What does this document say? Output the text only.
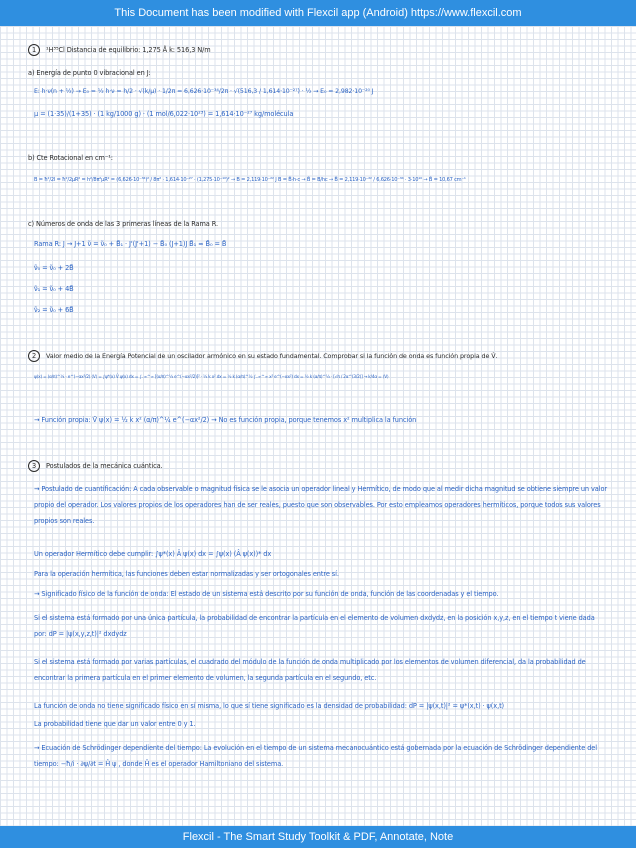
This Document has been modified with Flexcil app (Android) https://www.flexcil.com
1 ¹H³⁵Cl Distancia de equilibrio: 1,275 Å k: 516,3 N/m
a) Energía de punto 0 vibracional en J:
E: h·ν(n + ½) → E₀ = ½ h·ν = h/2 · √(k/μ) · 1/2π = 6,626·10⁻³⁴/2π · √(516,3 / 1,614·10⁻²⁷) · ½ → E₀ = 2,982·10⁻²⁰ J
μ = (1·35)/(1+35) · (1 kg/1000 g) · (1 mol/6,022·10²³) = 1,614·10⁻²⁷ kg/molécula
b) Cte Rotacional en cm⁻¹:
B = ħ²/2I = ħ²/2μR² = h²/8π²μR² = (6,626·10⁻³⁴)² / 8π² · 1,614·10⁻²⁷ · (1,275·10⁻¹⁰)² → B = 2,119·10⁻²² J B = B̃·h·c → B̃ = B/hc → B̃ = 2,119·10⁻²² / 6,626·10⁻³⁴ · 3·10¹⁰ → B̃ = 10,67 cm⁻¹
c) Números de onda de las 3 primeras líneas de la Rama R.
Rama R: J → J+1 ν̃ = ν̃₀ + B̃₁ · J'(J'+1) − B̃₀ (J+1)J B̃₁ ≈ B̃₀ = B̃
ν̃₀ = ν̃₀ + 2B̃
ν̃₁ = ν̃₀ + 4B̃
ν̃₂ = ν̃₀ + 6B̃
2 Valor medio de la Energía Potencial de un oscilador armónico en su estado fundamental. Comprobar si la función de onda es función propia de V̂.
ψ(x) = (α/π)^¼ · e^(−αx²/2) ⟨V⟩ = ∫ψ*(x) V̂ ψ(x) dx = ∫₋∞^∞ [(α/π)^¼ e^(−αx²/2)]² · ½ k x² dx = ½ k (α/π)^½ ∫₋∞^∞ x² e^(−αx²) dx = ½ k (α/π)^½ · [√π / 2α^(3/2)] → k/4α = ⟨V⟩
→ Función propia: V̂ ψ(x) = ½ k x² (α/π)^¼ e^(−αx²/2) → No es función propia, porque tenemos x² multiplica la función
3 Postulados de la mecánica cuántica.
→ Postulado de cuantificación: A cada observable o magnitud física se le asocia un operador lineal y Hermítico, de modo que al medir dicha magnitud se obtiene siempre un valor propio del operador. Los valores propios de los operadores han de ser reales, puesto que son observables. Por esto empleamos operadores hermíticos, porque todos sus valores propios son reales.
Un operador Hermítico debe cumplir: ∫ψ*(x) Â ψ(x) dx = ∫ψ(x) (Â ψ(x))* dx
Para la operación hermítica, las funciones deben estar normalizadas y ser ortogonales entre sí.
→ Significado físico de la función de onda: El estado de un sistema está descrito por su función de onda, función de las coordenadas y el tiempo.
Si el sistema está formado por una única partícula, la probabilidad de encontrar la partícula en el elemento de volumen dxdydz, en la posición x,y,z, en el tiempo t viene dada por: dP = |ψ(x,y,z,t)|² dxdydz
Si el sistema está formado por varias partículas, el cuadrado del módulo de la función de onda multiplicado por los elementos de volumen diferencial, da la probabilidad de encontrar la primera partícula en el primer elemento de volumen, la segunda partícula en el segundo, etc.
La función de onda no tiene significado físico en sí misma, lo que sí tiene significado es la densidad de probabilidad: dP = |ψ(x,t)|² = ψ*(x,t) · ψ(x,t)
La probabilidad tiene que dar un valor entre 0 y 1.
→ Ecuación de Schrödinger dependiente del tiempo: La evolución en el tiempo de un sistema mecanocuántico está gobernada por la ecuación de Schrödinger dependiente del tiempo: −ħ/i · ∂ψ/∂t = Ĥ ψ , donde Ĥ es el operador Hamiltoniano del sistema.
Flexcil - The Smart Study Toolkit & PDF, Annotate, Note
